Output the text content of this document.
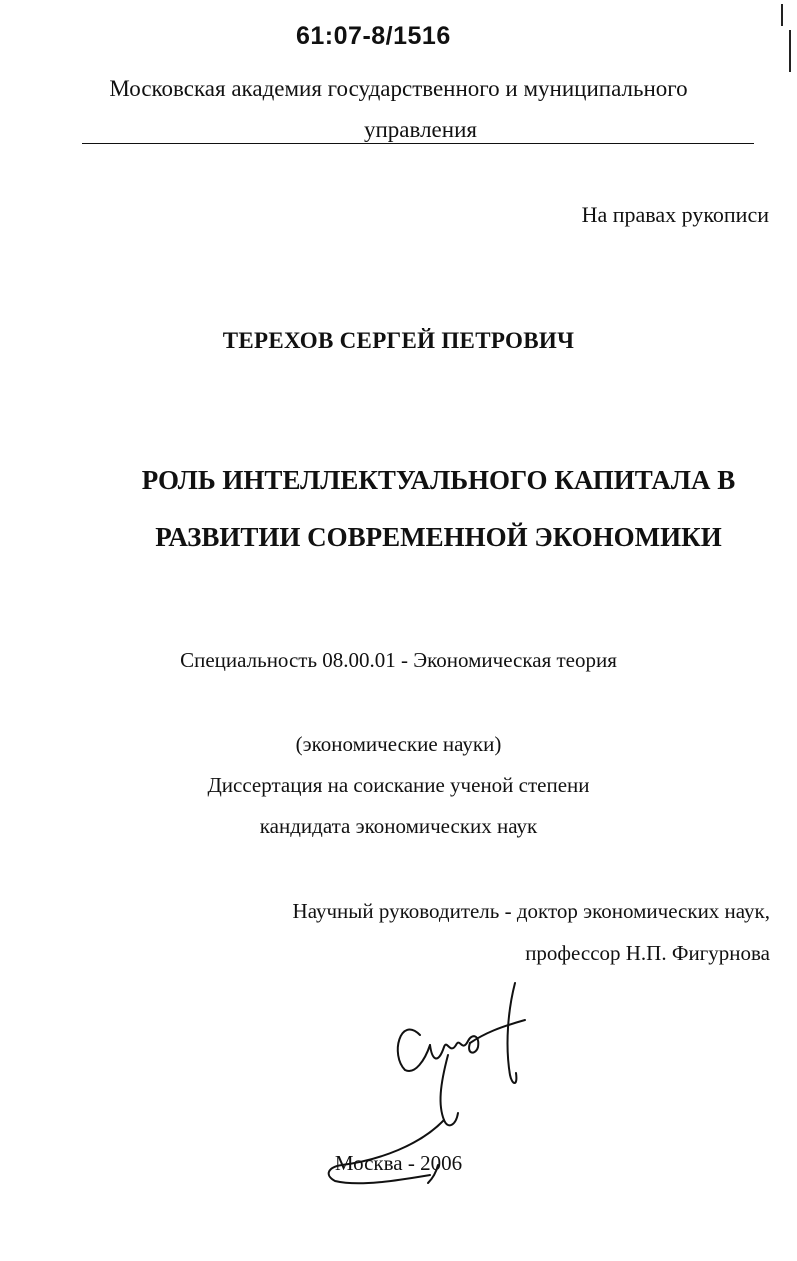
61:07-8/1516
Московская академия государственного и муниципального
управления
На правах рукописи
ТЕРЕХОВ СЕРГЕЙ ПЕТРОВИЧ
РОЛЬ ИНТЕЛЛЕКТУАЛЬНОГО КАПИТАЛА В
РАЗВИТИИ СОВРЕМЕННОЙ ЭКОНОМИКИ
Специальность 08.00.01 - Экономическая теория
(экономические науки)
Диссертация на соискание ученой степени
кандидата экономических наук
Научный руководитель - доктор экономических наук,
профессор Н.П. Фигурнова
Москва - 2006
